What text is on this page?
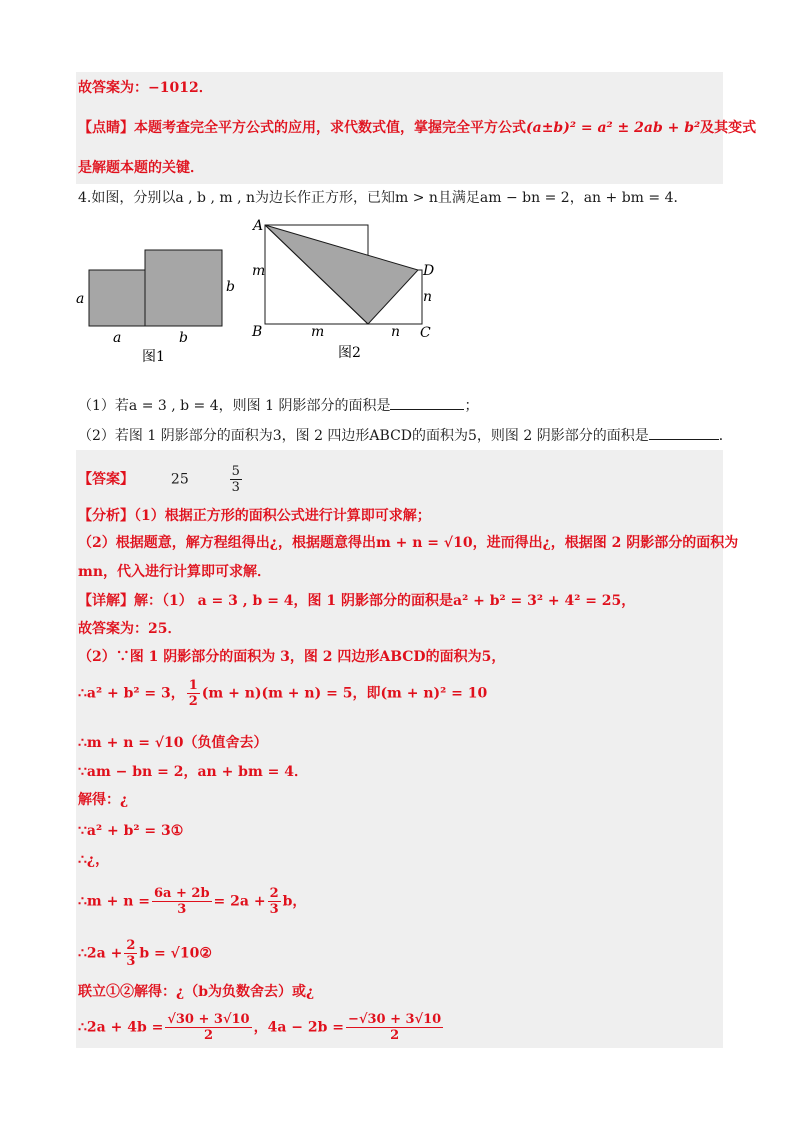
故答案为：−1012．
【点睛】本题考查完全平方公式的应用，求代数式值，掌握完全平方公式(a±b)² = a² ± 2ab + b²及其变式
是解题本题的关键．
4.如图，分别以a , b , m , n为边长作正方形，已知m > n且满足am − bn = 2，an + bm = 4．
a
a	b
b
图1
A
B	C
D
m
m	n
n
图2
（1）若a = 3 , b = 4，则图 1 阴影部分的面积是	；
（2）若图 1 阴影部分的面积为3，图 2 四边形ABCD的面积为5，则图 2 阴影部分的面积是	．
【答案】	25	$\frac{5}{3}$
【分析】（1）根据正方形的面积公式进行计算即可求解；
（2）根据题意，解方程组得出¿，根据题意得出m + n = √10，进而得出¿，根据图 2 阴影部分的面积为
mn，代入进行计算即可求解．
【详解】解：（1） a = 3 , b = 4，图 1 阴影部分的面积是a² + b² = 3² + 4² = 25，
故答案为：25．
（2）∵图 1 阴影部分的面积为 3，图 2 四边形ABCD的面积为5，
∴a² + b² = 3， $\frac{1}{2} (m + n)(m + n) = 5$，即(m + n)² = 10
∴m + n = √10（负值舍去）
∵am − bn = 2，an + bm = 4．
解得：¿
∵a² + b² = 3①
∴¿，
∴m + $n = \frac{6a + 2b}{3} = 2a + \frac{2}{3}$ b，
∴2a + $\frac{2}{3}$ b = √10②
联立①②解得：¿（b为负数舍去）或¿
∴2a + $4b = \frac{√30 + 3√10}{2}$ ，$4a - 2b = \frac{-√30 + 3√10}{2}$
